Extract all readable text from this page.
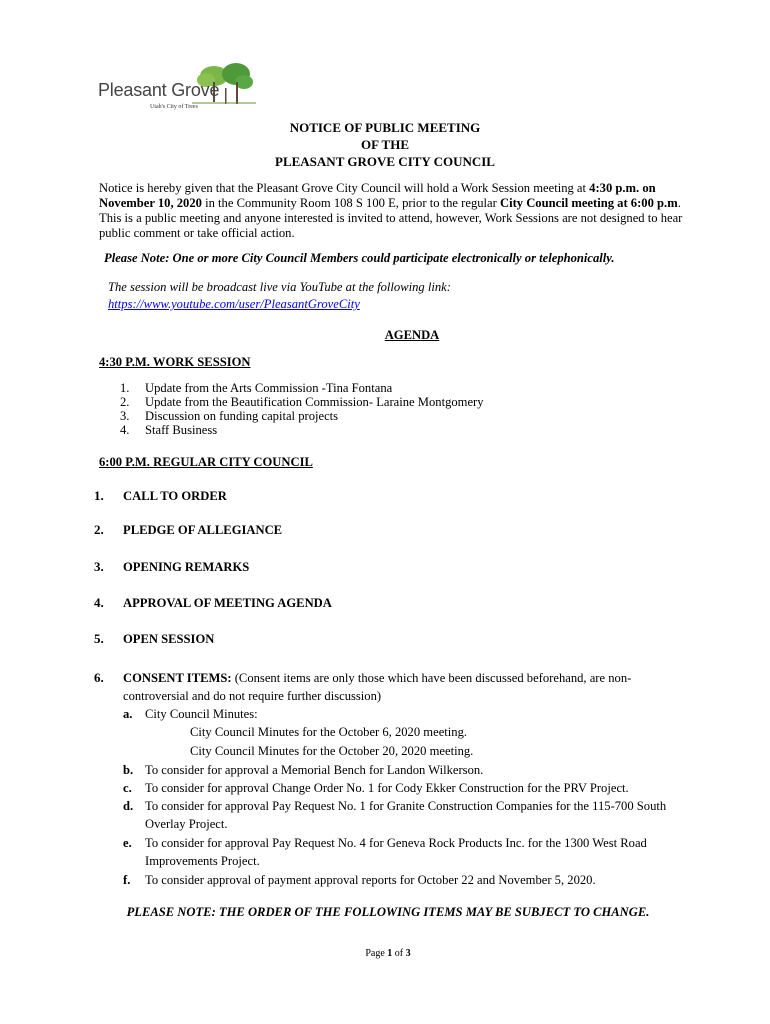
Pleasant Grove
Utah's City of Trees
NOTICE OF PUBLIC MEETING
OF THE
PLEASANT GROVE CITY COUNCIL
Notice is hereby given that the Pleasant Grove City Council will hold a Work Session meeting at 4:30 p.m. on November 10, 2020 in the Community Room 108 S 100 E, prior to the regular City Council meeting at 6:00 p.m. This is a public meeting and anyone interested is invited to attend, however, Work Sessions are not designed to hear public comment or take official action.
Please Note: One or more City Council Members could participate electronically or telephonically.
The session will be broadcast live via YouTube at the following link:
https://www.youtube.com/user/PleasantGroveCity
AGENDA
4:30 P.M. WORK SESSION
1. Update from the Arts Commission -Tina Fontana
2. Update from the Beautification Commission- Laraine Montgomery
3. Discussion on funding capital projects
4. Staff Business
6:00 P.M. REGULAR CITY COUNCIL
1. CALL TO ORDER
2. PLEDGE OF ALLEGIANCE
3. OPENING REMARKS
4. APPROVAL OF MEETING AGENDA
5. OPEN SESSION
6. CONSENT ITEMS: (Consent items are only those which have been discussed beforehand, are non-controversial and do not require further discussion)
a. City Council Minutes:
City Council Minutes for the October 6, 2020 meeting.
City Council Minutes for the October 20, 2020 meeting.
b. To consider for approval a Memorial Bench for Landon Wilkerson.
c. To consider for approval Change Order No. 1 for Cody Ekker Construction for the PRV Project.
d. To consider for approval Pay Request No. 1 for Granite Construction Companies for the 115-700 South Overlay Project.
e. To consider for approval Pay Request No. 4 for Geneva Rock Products Inc. for the 1300 West Road Improvements Project.
f. To consider approval of payment approval reports for October 22 and November 5, 2020.
PLEASE NOTE: THE ORDER OF THE FOLLOWING ITEMS MAY BE SUBJECT TO CHANGE.
Page 1 of 3
